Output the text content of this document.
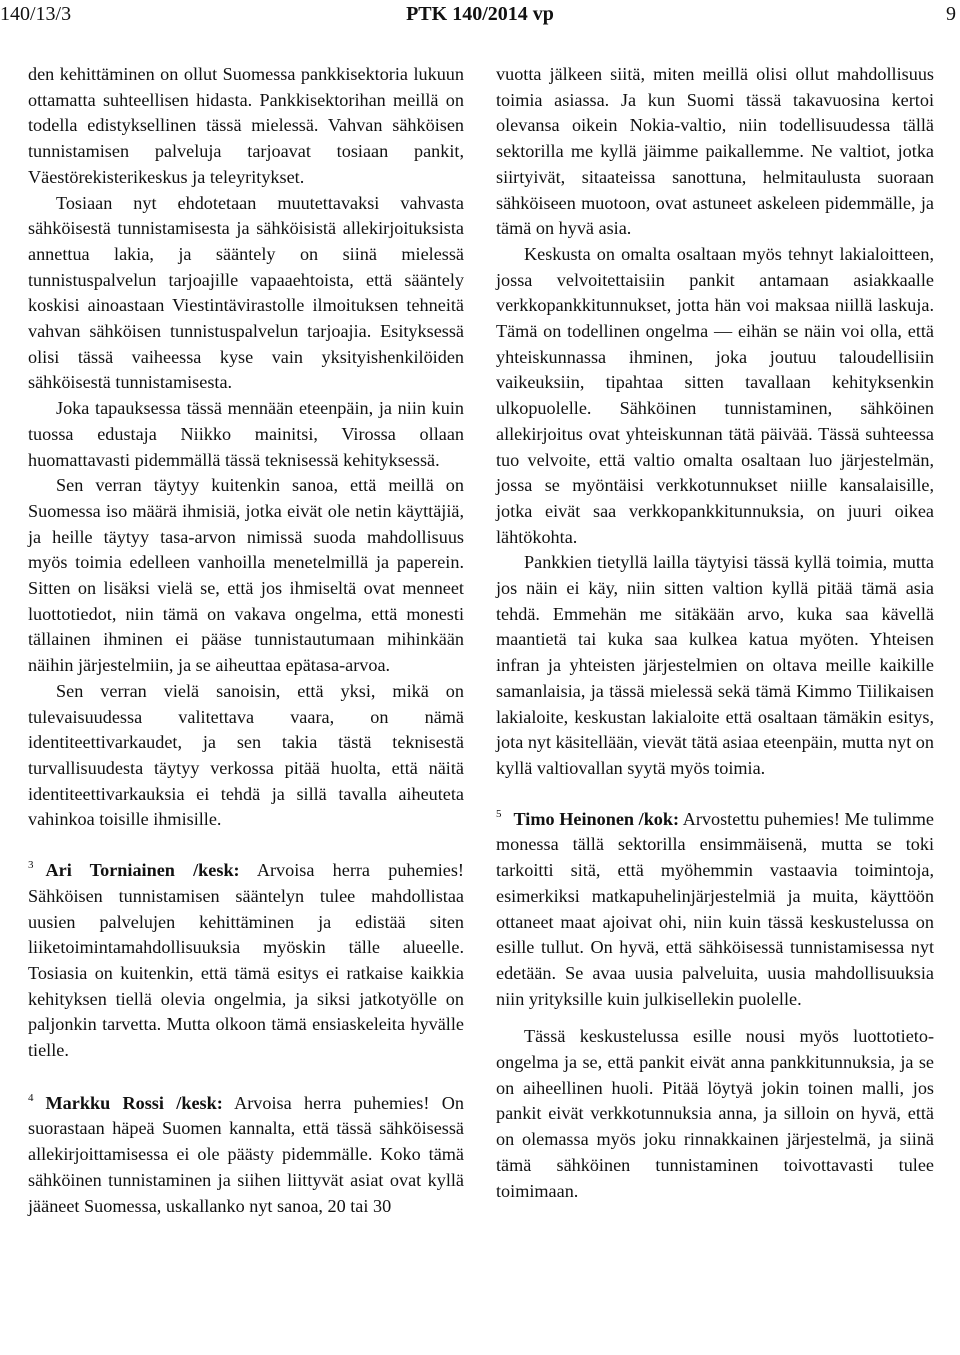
140/13/3	PTK 140/2014 vp	9

den kehittäminen on ollut Suomessa pankkisektoria lukuun ottamatta suhteellisen hidasta. Pankkisektorihan meillä on todella edistyksellinen tässä mielessä. Vahvan sähköisen tunnistamisen palveluja tarjoavat tosiaan pankit, Väestörekisterikeskus ja teleyritykset.

Tosiaan nyt ehdotetaan muutettavaksi vahvasta sähköisestä tunnistamisesta ja sähköisistä allekirjoituksista annettua lakia, ja sääntely on siinä mielessä tunnistuspalvelun tarjoajille vapaaehtoista, että sääntely koskisi ainoastaan Viestintävirastolle ilmoituksen tehneitä vahvan sähköisen tunnistuspalvelun tarjoajia. Esityksessä olisi tässä vaiheessa kyse vain yksityishenkilöiden sähköisestä tunnistamisesta.

Joka tapauksessa tässä mennään eteenpäin, ja niin kuin tuossa edustaja Niikko mainitsi, Virossa ollaan huomattavasti pidemmällä tässä teknisessä kehityksessä.

Sen verran täytyy kuitenkin sanoa, että meillä on Suomessa iso määrä ihmisiä, jotka eivät ole netin käyttäjiä, ja heille täytyy tasa-arvon nimissä suoda mahdollisuus myös toimia edelleen vanhoilla menetelmillä ja paperein. Sitten on lisäksi vielä se, että jos ihmiseltä ovat menneet luottotiedot, niin tämä on vakava ongelma, että monesti tällainen ihminen ei pääse tunnistautumaan mihinkään näihin järjestelmiin, ja se aiheuttaa epätasa-arvoa.

Sen verran vielä sanoisin, että yksi, mikä on tulevaisuudessa valitettava vaara, on nämä identiteettivarkaudet, ja sen takia tästä teknisestä turvallisuudesta täytyy verkossa pitää huolta, että näitä identiteettivarkauksia ei tehdä ja sillä tavalla aiheuteta vahinkoa toisille ihmisille.

$^3$ Ari Torniainen /kesk: Arvoisa herra puhemies! Sähköisen tunnistamisen sääntelyn tulee mahdollistaa uusien palvelujen kehittäminen ja edistää siten liiketoimintamahdollisuuksia myöskin tälle alueelle. Tosiasia on kuitenkin, että tämä esitys ei ratkaise kaikkia kehityksen tiellä olevia ongelmia, ja siksi jatkotyölle on paljonkin tarvetta. Mutta olkoon tämä ensiaskeleita hyvälle tielle.

$^4$ Markku Rossi /kesk: Arvoisa herra puhemies! On suorastaan häpeä Suomen kannalta, että tässä sähköisessä allekirjoittamisessa ei ole päästy pidemmälle. Koko tämä sähköinen tunnistaminen ja siihen liittyvät asiat ovat kyllä jääneet Suomessa, uskallanko nyt sanoa, 20 tai 30

vuotta jälkeen siitä, miten meillä olisi ollut mahdollisuus toimia asiassa. Ja kun Suomi tässä takavuosina kertoi olevansa oikein Nokia-valtio, niin todellisuudessa tällä sektorilla me kyllä jäimme paikallemme. Ne valtiot, jotka siirtyivät, sitaateissa sanottuna, helmitaulusta suoraan sähköiseen muotoon, ovat astuneet askeleen pidemmälle, ja tämä on hyvä asia.

Keskusta on omalta osaltaan myös tehnyt lakialoitteen, jossa velvoitettaisiin pankit antamaan asiakkaalle verkkopankkitunnukset, jotta hän voi maksaa niillä laskuja. Tämä on todellinen ongelma — eihän se näin voi olla, että yhteiskunnassa ihminen, joka joutuu taloudellisiin vaikeuksiin, tipahtaa sitten tavallaan kehityksenkin ulkopuolelle. Sähköinen tunnistaminen, sähköinen allekirjoitus ovat yhteiskunnan tätä päivää. Tässä suhteessa tuo velvoite, että valtio omalta osaltaan luo järjestelmän, jossa se myöntäisi verkkotunnukset niille kansalaisille, jotka eivät saa verkkopankkitunnuksia, on juuri oikea lähtökohta.

Pankkien tietyllä lailla täytyisi tässä kyllä toimia, mutta jos näin ei käy, niin sitten valtion kyllä pitää tämä asia tehdä. Emmehän me sitäkään arvo, kuka saa kävellä maantietä tai kuka saa kulkea katua myöten. Yhteisen infran ja yhteisten järjestelmien on oltava meille kaikille samanlaisia, ja tässä mielessä sekä tämä Kimmo Tiilikaisen lakialoite, keskustan lakialoite että osaltaan tämäkin esitys, jota nyt käsitellään, vievät tätä asiaa eteenpäin, mutta nyt on kyllä valtiovallan syytä myös toimia.

$^5$ Timo Heinonen /kok: Arvostettu puhemies! Me tulimme monessa tällä sektorilla ensimmäisenä, mutta se toki tarkoitti sitä, että myöhemmin vastaavia toimintoja, esimerkiksi matkapuhelinjärjestelmiä ja muita, käyttöön ottaneet maat ajoivat ohi, niin kuin tässä keskustelussa on esille tullut. On hyvä, että sähköisessä tunnistamisessa nyt edetään. Se avaa uusia palveluita, uusia mahdollisuuksia niin yrityksille kuin julkisellekin puolelle.

Tässä keskustelussa esille nousi myös luottotieto-ongelma ja se, että pankit eivät anna pankkitunnuksia, ja se on aiheellinen huoli. Pitää löytyä jokin toinen malli, jos pankit eivät verkkotunnuksia anna, ja silloin on hyvä, että on olemassa myös joku rinnakkainen järjestelmä, ja siinä tämä sähköinen tunnistaminen toivottavasti tulee toimimaan.
